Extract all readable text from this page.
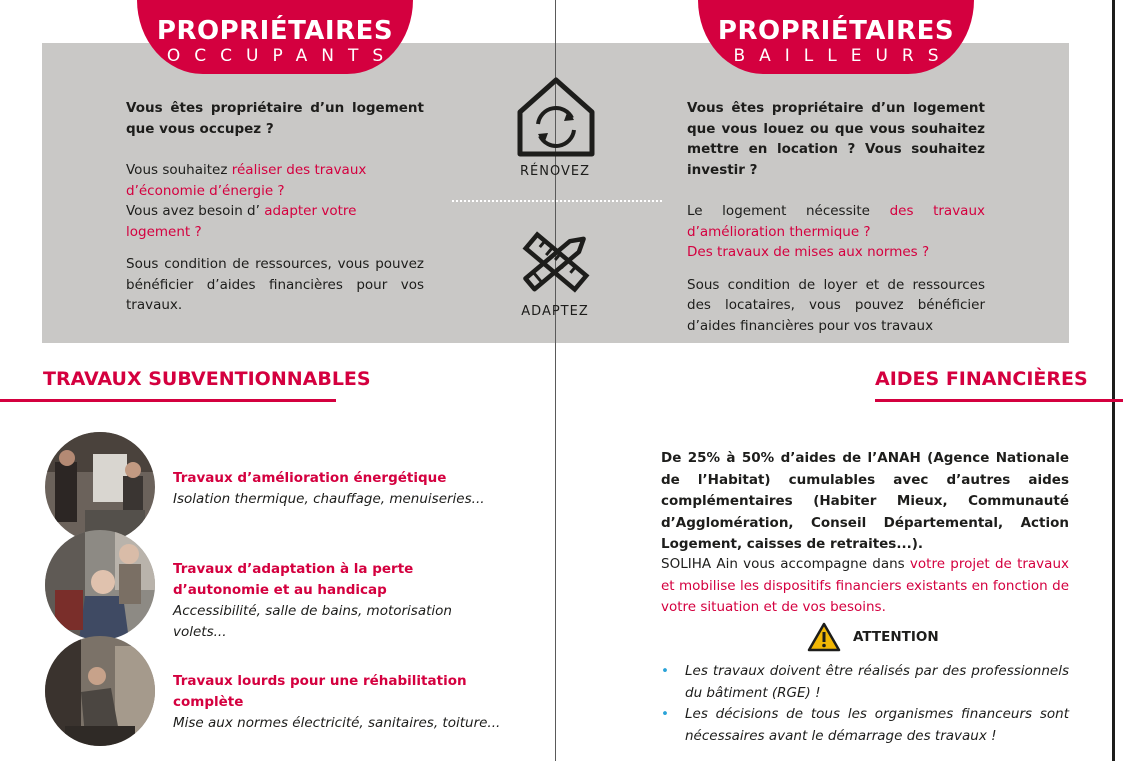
PROPRIÉTAIRES
OCCUPANTS
PROPRIÉTAIRES
BAILLEURS
Vous êtes propriétaire d’un logement que vous occupez ?
Vous souhaitez réaliser des travaux d’économie d’énergie ?
Vous avez besoin d’ adapter votre logement ?
Sous condition de ressources, vous pouvez bénéficier d’aides financières pour vos travaux.
Vous êtes propriétaire d’un logement que vous louez ou que vous souhaitez mettre en location ? Vous souhaitez investir ?
Le logement nécessite des travaux d’amélioration thermique ?
Des travaux de mises aux normes ?
Sous condition de loyer et de ressources des locataires, vous pouvez bénéficier d’aides financières pour vos travaux
RÉNOVEZ
ADAPTEZ
TRAVAUX SUBVENTIONNABLES
Travaux d’amélioration énergétique
Isolation thermique, chauffage, menuiseries...
Travaux d’adaptation à la perte d’autonomie et au handicap
Accessibilité, salle de bains, motorisation volets...
Travaux lourds pour une réhabilitation complète
Mise aux normes électricité, sanitaires, toiture...
AIDES FINANCIÈRES
De 25% à 50% d’aides de l’ANAH (Agence Nationale de l’Habitat) cumulables avec d’autres aides complémentaires (Habiter Mieux, Communauté d’Agglomération, Conseil Départemental, Action Logement, caisses de retraites...).
SOLIHA Ain vous accompagne dans votre projet de travaux et mobilise les dispositifs financiers existants en fonction de votre situation et de vos besoins.
ATTENTION
• Les travaux doivent être réalisés par des professionnels du bâtiment (RGE) !
• Les décisions de tous les organismes financeurs sont nécessaires avant le démarrage des travaux !
